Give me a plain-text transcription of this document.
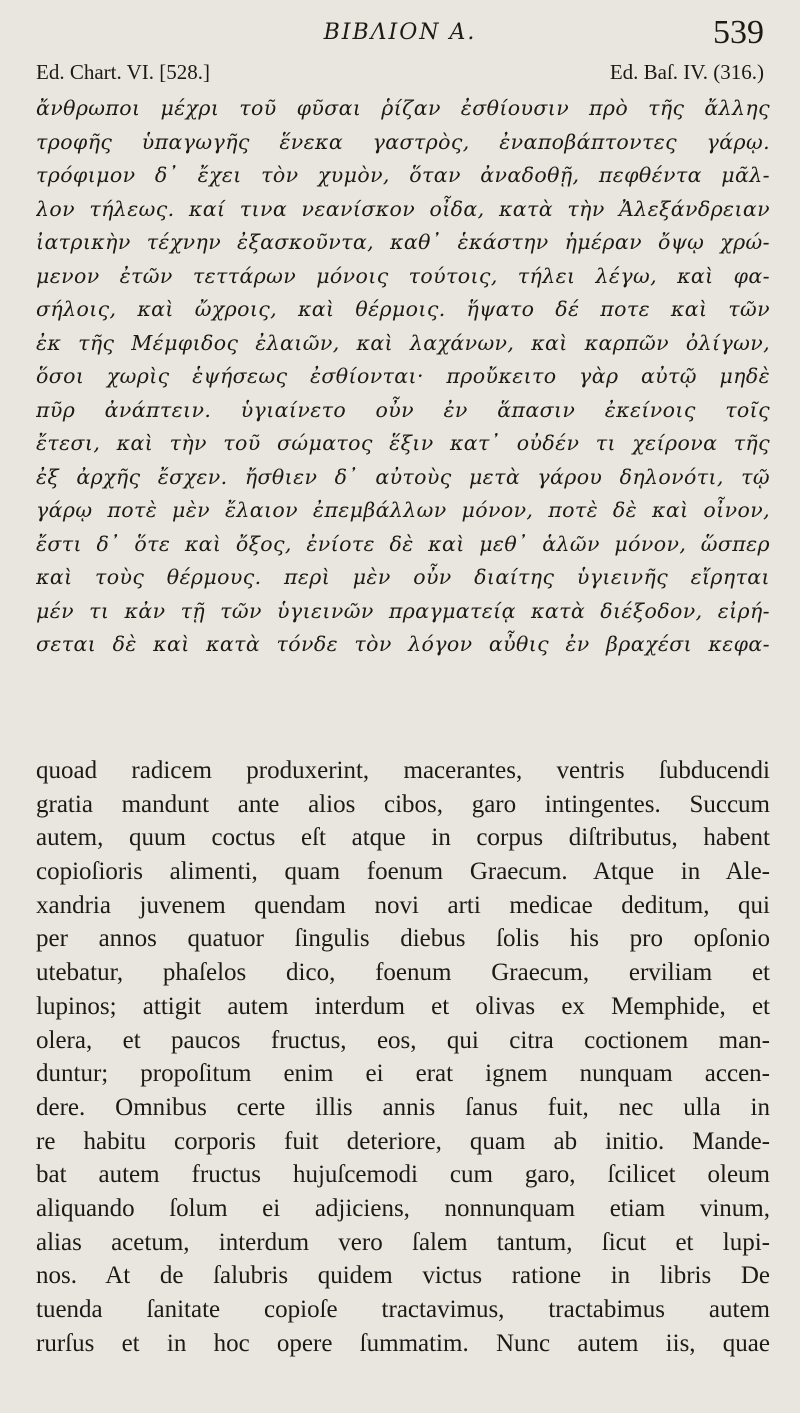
ΒΙΒΛΙΟΝ Α.	539
Ed. Chart. VI. [528.]	Ed. Baſ. IV. (316.)
ἄνθρωποι μέχρι τοῦ φῦσαι ῥίζαν ἐσθίουσιν πρὸ τῆς ἄλλης
τροφῆς ὑπαγωγῆς ἕνεκα γαστρὸς, ἐναποβάπτοντες γάρῳ.
τρόφιμον δ᾽ ἔχει τὸν χυμὸν, ὅταν ἀναδοθῇ, πεφθέντα μᾶλ-
λον τήλεως. καί τινα νεανίσκον οἶδα, κατὰ τὴν Ἀλεξάνδρειαν
ἰατρικὴν τέχνην ἐξασκοῦντα, καθ᾽ ἑκάστην ἡμέραν ὄψῳ χρώ-
μενον ἐτῶν τεττάρων μόνοις τούτοις, τήλει λέγω, καὶ φα-
σήλοις, καὶ ὤχροις, καὶ θέρμοις. ἥψατο δέ ποτε καὶ τῶν
ἐκ τῆς Μέμφιδος ἐλαιῶν, καὶ λαχάνων, καὶ καρπῶν ὀλίγων,
ὅσοι χωρὶς ἑψήσεως ἐσθίονται· προὔκειτο γὰρ αὐτῷ μηδὲ
πῦρ ἀνάπτειν. ὑγιαίνετο οὖν ἐν ἅπασιν ἐκείνοις τοῖς
ἔτεσι, καὶ τὴν τοῦ σώματος ἕξιν κατ᾽ οὐδέν τι χείρονα τῆς
ἐξ ἀρχῆς ἔσχεν. ἤσθιεν δ᾽ αὐτοὺς μετὰ γάρου δηλονότι, τῷ
γάρῳ ποτὲ μὲν ἔλαιον ἐπεμβάλλων μόνον, ποτὲ δὲ καὶ οἶνον,
ἔστι δ᾽ ὅτε καὶ ὄξος, ἐνίοτε δὲ καὶ μεθ᾽ ἁλῶν μόνον, ὥσπερ
καὶ τοὺς θέρμους. περὶ μὲν οὖν διαίτης ὑγιεινῆς εἴρηται
μέν τι κἀν τῇ τῶν ὑγιεινῶν πραγματείᾳ κατὰ διέξοδον, εἰρή-
σεται δὲ καὶ κατὰ τόνδε τὸν λόγον αὖθις ἐν βραχέσι κεφα-
quoad radicem produxerint, macerantes, ventris ſubducendi
gratia mandunt ante alios cibos, garo intingentes. Succum
autem, quum coctus eſt atque in corpus diſtributus, habent
copioſioris alimenti, quam foenum Graecum. Atque in Ale-
xandria juvenem quendam novi arti medicae deditum, qui
per annos quatuor ſingulis diebus ſolis his pro opſonio
utebatur, phaſelos dico, foenum Graecum, erviliam et
lupinos; attigit autem interdum et olivas ex Memphide, et
olera, et paucos fructus, eos, qui citra coctionem man-
duntur; propoſitum enim ei erat ignem nunquam accen-
dere. Omnibus certe illis annis ſanus fuit, nec ulla in
re habitu corporis fuit deteriore, quam ab initio. Mande-
bat autem fructus hujuſcemodi cum garo, ſcilicet oleum
aliquando ſolum ei adjiciens, nonnunquam etiam vinum,
alias acetum, interdum vero ſalem tantum, ſicut et lupi-
nos. At de ſalubris quidem victus ratione in libris De
tuenda ſanitate copioſe tractavimus, tractabimus autem
rurſus et in hoc opere ſummatim. Nunc autem iis, quae
